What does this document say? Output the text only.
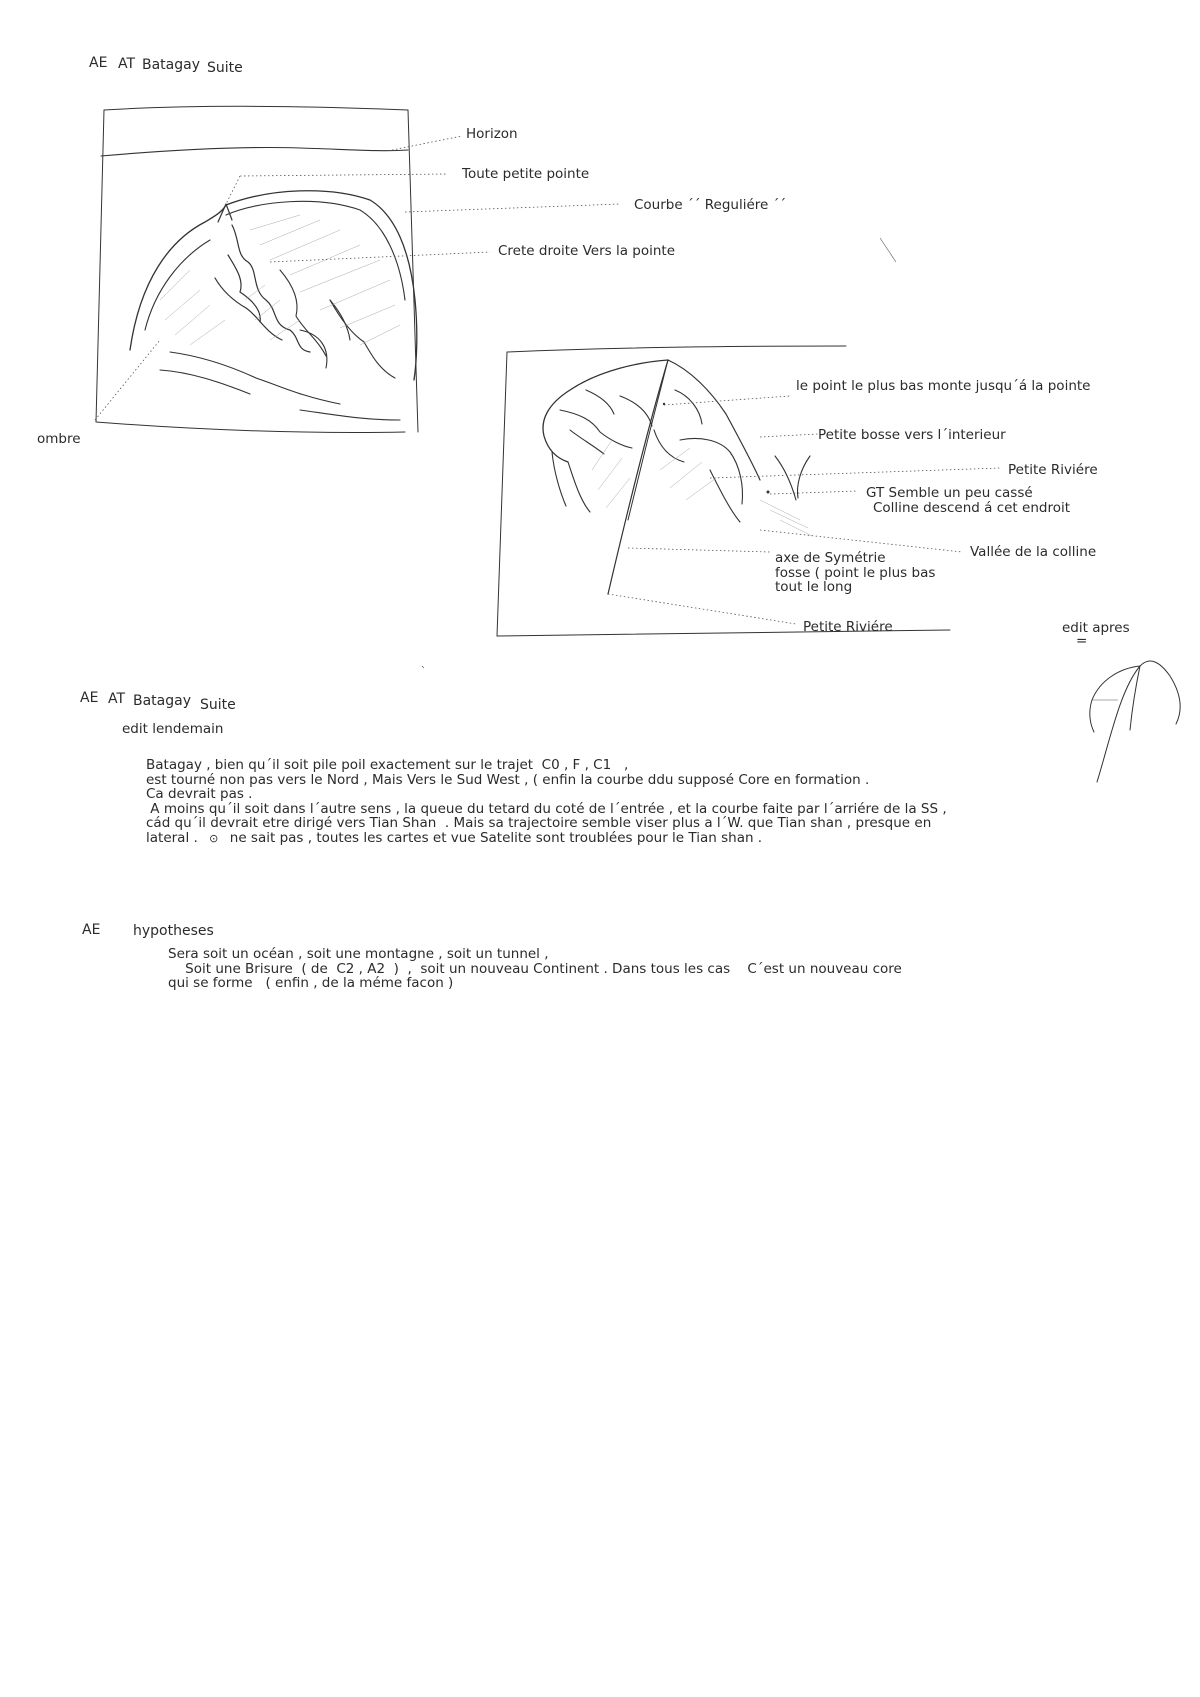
AE AT Batagay Suite
Horizon
Toute petite pointe
Courbe ´´ Reguliére ´´
Crete droite Vers la pointe
ombre
le point le plus bas monte jusqu´á la pointe
Petite bosse vers l´interieur
Petite Riviére
GT Semble un peu cassé
Colline descend á cet endroit
Vallée de la colline
axe de Symétrie
fosse ( point le plus bas
tout le long
Petite Riviére	edit apres
=
AE AT Batagay Suite
edit lendemain
Batagay , bien qu´il soit pile poil exactement sur le trajet  C0 , F , C1   ,
est tourné non pas vers le Nord , Mais Vers le Sud West , ( enfin la courbe ddu supposé Core en formation .
Ca devrait pas .
A moins qu´il soit dans l´autre sens , la queue du tetard du coté de l´entrée , et la courbe faite par l´arriére de la SS ,
cád qu´il devrait etre dirigé vers Tian Shan  . Mais sa trajectoire semble viser plus a l´W. que Tian shan , presque en
lateral . ⊙ ne sait pas , toutes les cartes et vue Satelite sont troublées pour le Tian shan .
AE hypotheses
Sera soit un océan , soit une montagne , soit un tunnel ,
Soit une Brisure  ( de  C2 , A2  )  ,  soit un nouveau Continent . Dans tous les cas    C´est un nouveau core
qui se forme   ( enfin , de la méme facon )
